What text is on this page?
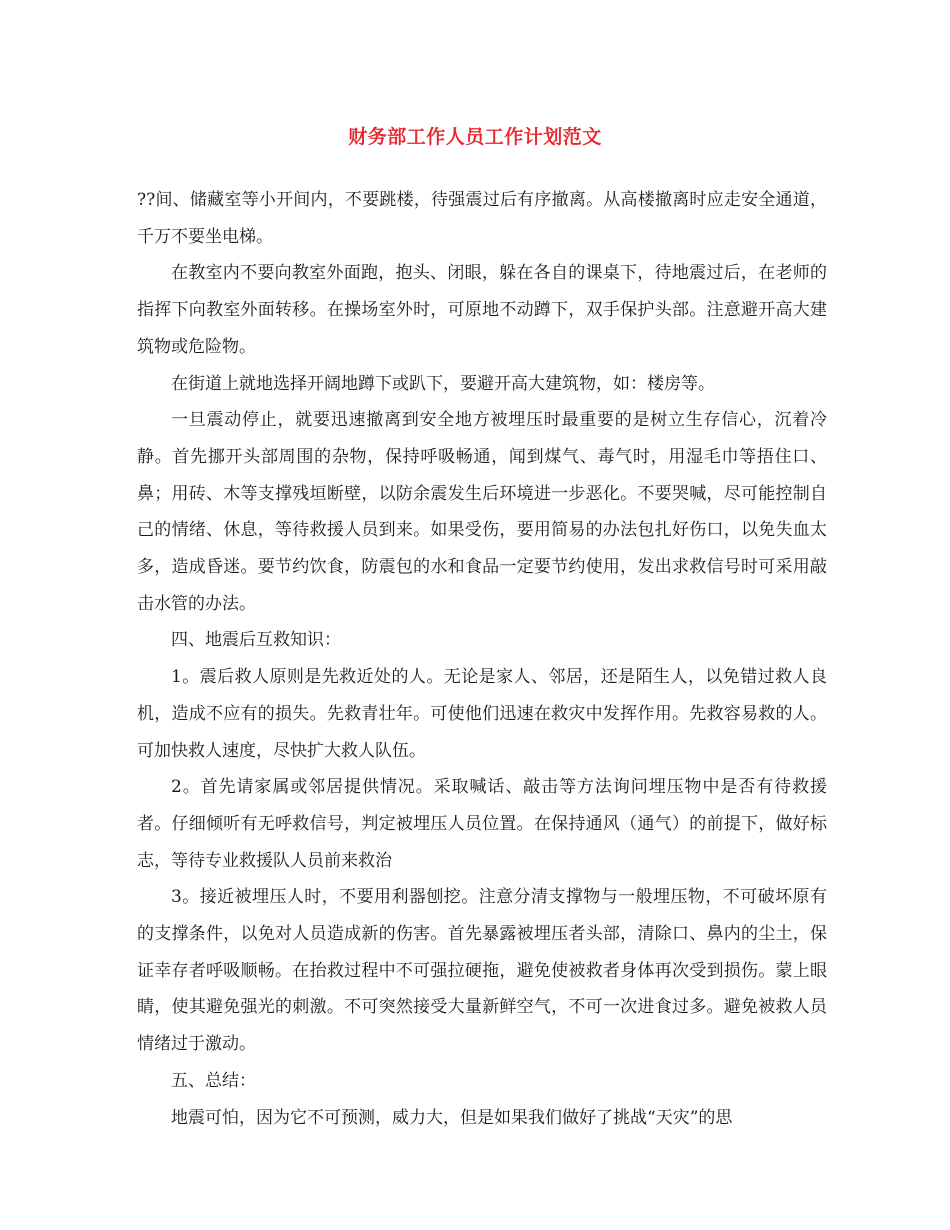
财务部工作人员工作计划范文

??间、储藏室等小开间内，不要跳楼，待强震过后有序撤离。从高楼撤离时应走安全通道，千万不要坐电梯。

在教室内不要向教室外面跑，抱头、闭眼，躲在各自的课桌下，待地震过后，在老师的指挥下向教室外面转移。在操场室外时，可原地不动蹲下，双手保护头部。注意避开高大建筑物或危险物。

在街道上就地选择开阔地蹲下或趴下，要避开高大建筑物，如：楼房等。

一旦震动停止，就要迅速撤离到安全地方被埋压时最重要的是树立生存信心，沉着冷静。首先挪开头部周围的杂物，保持呼吸畅通，闻到煤气、毒气时，用湿毛巾等捂住口、鼻；用砖、木等支撑残垣断壁，以防余震发生后环境进一步恶化。不要哭喊，尽可能控制自己的情绪、休息，等待救援人员到来。如果受伤，要用简易的办法包扎好伤口，以免失血太多，造成昏迷。要节约饮食，防震包的水和食品一定要节约使用，发出求救信号时可采用敲击水管的办法。

四、地震后互救知识：

1。震后救人原则是先救近处的人。无论是家人、邻居，还是陌生人，以免错过救人良机，造成不应有的损失。先救青壮年。可使他们迅速在救灾中发挥作用。先救容易救的人。可加快救人速度，尽快扩大救人队伍。

2。首先请家属或邻居提供情况。采取喊话、敲击等方法询问埋压物中是否有待救援者。仔细倾听有无呼救信号，判定被埋压人员位置。在保持通风（通气）的前提下，做好标志，等待专业救援队人员前来救治

3。接近被埋压人时，不要用利器刨挖。注意分清支撑物与一般埋压物，不可破坏原有的支撑条件，以免对人员造成新的伤害。首先暴露被埋压者头部，清除口、鼻内的尘土，保证幸存者呼吸顺畅。在抬救过程中不可强拉硬拖，避免使被救者身体再次受到损伤。蒙上眼睛，使其避免强光的刺激。不可突然接受大量新鲜空气，不可一次进食过多。避免被救人员情绪过于激动。

五、总结：

地震可怕，因为它不可预测，威力大，但是如果我们做好了挑战“天灾”的思
